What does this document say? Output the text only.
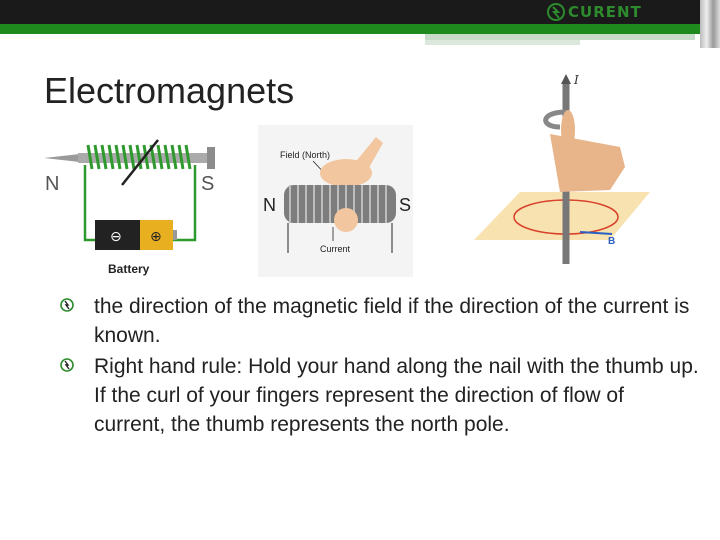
CURENT
Electromagnets
⊖ ⊕
N	S
Battery
Field (North)
N	S
Current
I
B
the direction of the magnetic field if the direction of the current is known.
Right hand rule: Hold your hand along the nail with the thumb up. If the curl of your fingers represent the direction of flow of current, the thumb represents the north pole.
